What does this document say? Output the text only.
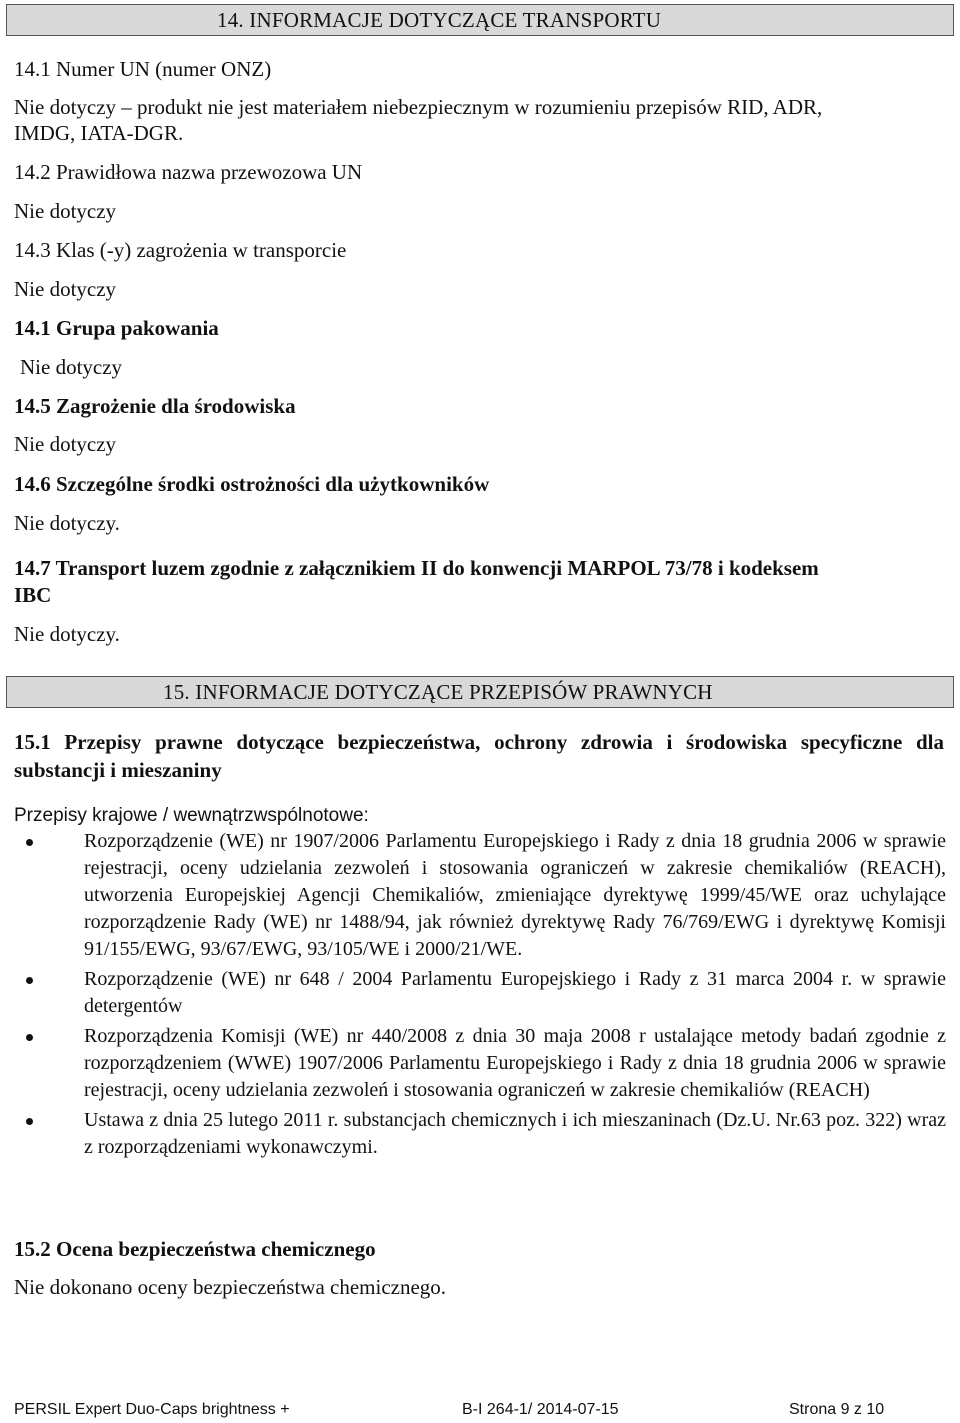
14. INFORMACJE DOTYCZĄCE TRANSPORTU
14.1 Numer UN (numer ONZ)
Nie dotyczy – produkt nie jest materiałem niebezpiecznym w rozumieniu przepisów RID, ADR,
IMDG, IATA-DGR.
14.2 Prawidłowa nazwa przewozowa UN
Nie dotyczy
14.3 Klas (-y) zagrożenia w transporcie
Nie dotyczy
14.1 Grupa pakowania
Nie dotyczy
14.5 Zagrożenie dla środowiska
Nie dotyczy
14.6 Szczególne środki ostrożności dla użytkowników
Nie dotyczy.
14.7 Transport luzem zgodnie z załącznikiem II do konwencji MARPOL 73/78 i kodeksem
IBC
Nie dotyczy.
15. INFORMACJE DOTYCZĄCE PRZEPISÓW PRAWNYCH
15.1 Przepisy prawne dotyczące bezpieczeństwa, ochrony zdrowia i środowiska specyficzne dla substancji i mieszaniny
Przepisy krajowe / wewnątrzwspólnotowe:
Rozporządzenie (WE) nr 1907/2006 Parlamentu Europejskiego i Rady z dnia 18 grudnia 2006 w sprawie rejestracji, oceny udzielania zezwoleń i stosowania ograniczeń w zakresie chemikaliów (REACH), utworzenia Europejskiej Agencji Chemikaliów, zmieniające dyrektywę 1999/45/WE oraz uchylające rozporządzenie Rady (WE) nr 1488/94, jak również dyrektywę Rady 76/769/EWG i dyrektywę Komisji 91/155/EWG, 93/67/EWG, 93/105/WE i 2000/21/WE.
Rozporządzenie (WE) nr 648 / 2004 Parlamentu Europejskiego i Rady z 31 marca 2004 r. w sprawie detergentów
Rozporządzenia Komisji (WE) nr 440/2008 z dnia 30 maja 2008 r ustalające metody badań zgodnie z rozporządzeniem (WWE) 1907/2006 Parlamentu Europejskiego i Rady z dnia 18 grudnia 2006 w sprawie rejestracji, oceny udzielania zezwoleń i stosowania ograniczeń w zakresie chemikaliów (REACH)
Ustawa z dnia 25 lutego 2011 r. substancjach chemicznych i ich mieszaninach (Dz.U. Nr.63 poz. 322) wraz z rozporządzeniami wykonawczymi.
15.2 Ocena bezpieczeństwa chemicznego
Nie dokonano oceny bezpieczeństwa chemicznego.
PERSIL Expert Duo-Caps brightness +	B-I 264-1/ 2014-07-15	Strona 9 z 10
